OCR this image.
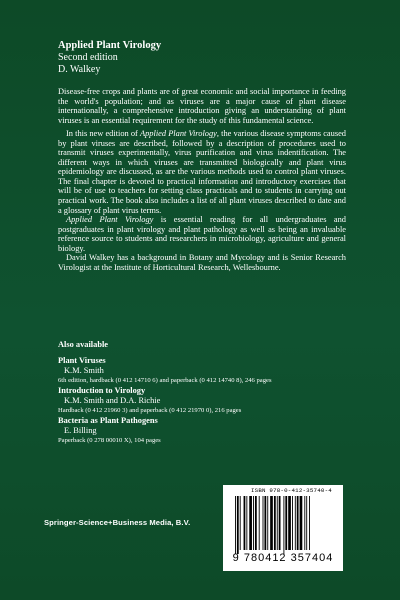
Applied Plant Virology
Second edition
D. Walkey

Disease-free crops and plants are of great economic and social importance in feeding the world's population; and as viruses are a major cause of plant disease internationally, a comprehensive introduction giving an understanding of plant viruses is an essential requirement for the study of this fundamental science.

In this new edition of Applied Plant Virology, the various disease symptoms caused by plant viruses are described, followed by a description of procedures used to transmit viruses experimentally, virus purification and virus indentification. The different ways in which viruses are transmitted biologically and plant virus epidemiology are discussed, as are the various methods used to control plant viruses. The final chapter is devoted to practical information and introductory exercises that will be of use to teachers for setting class practicals and to students in carrying out practical work. The book also includes a list of all plant viruses described to date and a glossary of plant virus terms.

Applied Plant Virology is essential reading for all undergraduates and postgraduates in plant virology and plant pathology as well as being an invaluable reference source to students and researchers in microbiology, agriculture and general biology.

David Walkey has a background in Botany and Mycology and is Senior Research Virologist at the Institute of Horticultural Research, Wellesbourne.

Also available
Plant Viruses
K.M. Smith
6th edition, hardback (0 412 14710 6) and paperback (0 412 14740 8), 246 pages
Introduction to Virology
K.M. Smith and D.A. Richie
Hardback (0 412 21960 3) and paperback (0 412 21970 0), 216 pages
Bacteria as Plant Pathogens
E. Billing
Paperback (0 278 00010 X), 104 pages
Springer-Science+Business Media, B.V.
ISBN 978-0-412-35740-4
9 780412 357404
